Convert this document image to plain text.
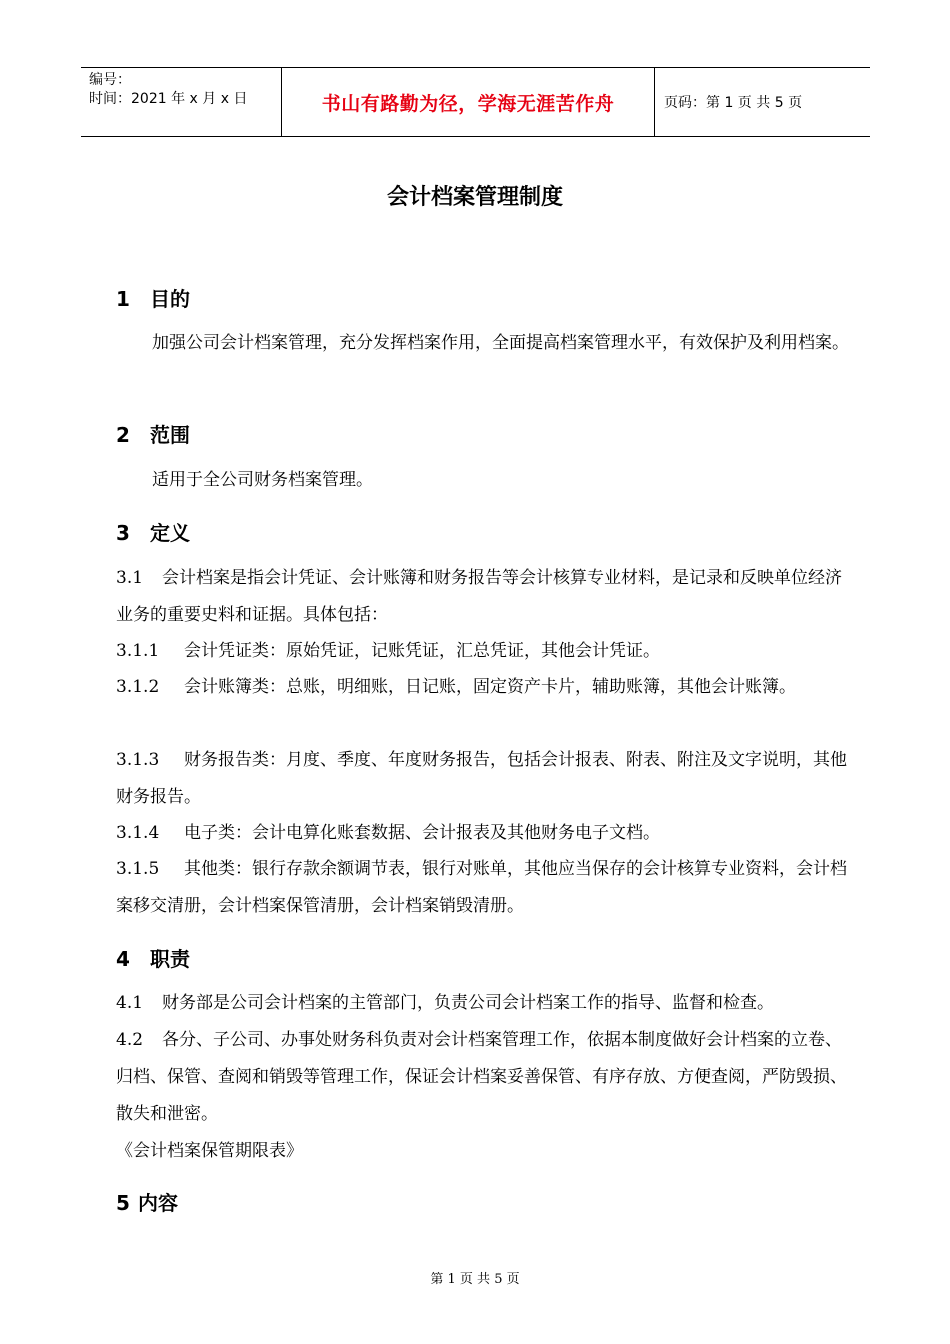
编号：
时间：2021 年 x 月 x 日	书山有路勤为径，学海无涯苦作舟	页码：第 1 页 共 5 页
会计档案管理制度
1 目的
加强公司会计档案管理，充分发挥档案作用，全面提高档案管理水平，有效保护及利用档案。
2 范围
适用于全公司财务档案管理。
3 定义
3.1 会计档案是指会计凭证、会计账簿和财务报告等会计核算专业材料，是记录和反映单位经济业务的重要史料和证据。具体包括：
3.1.1 会计凭证类：原始凭证，记账凭证，汇总凭证，其他会计凭证。
3.1.2 会计账簿类：总账，明细账，日记账，固定资产卡片，辅助账簿，其他会计账簿。
3.1.3 财务报告类：月度、季度、年度财务报告，包括会计报表、附表、附注及文字说明，其他财务报告。
3.1.4 电子类：会计电算化账套数据、会计报表及其他财务电子文档。
3.1.5 其他类：银行存款余额调节表，银行对账单，其他应当保存的会计核算专业资料，会计档案移交清册，会计档案保管清册，会计档案销毁清册。
4 职责
4.1 财务部是公司会计档案的主管部门，负责公司会计档案工作的指导、监督和检查。
4.2 各分、子公司、办事处财务科负责对会计档案管理工作，依据本制度做好会计档案的立卷、归档、保管、查阅和销毁等管理工作，保证会计档案妥善保管、有序存放、方便查阅，严防毁损、散失和泄密。
《会计档案保管期限表》
5 内容
第 1 页 共 5 页
